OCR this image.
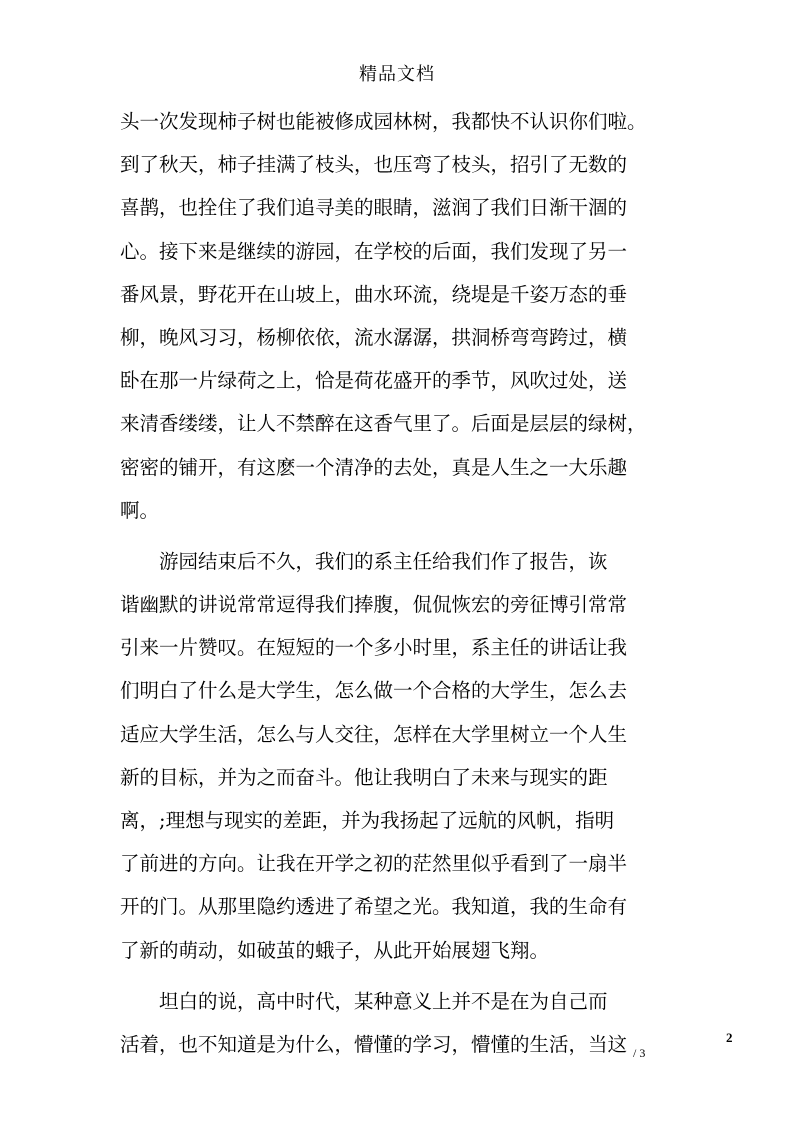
精品文档
头一次发现柿子树也能被修成园林树，我都快不认识你们啦。
到了秋天，柿子挂满了枝头，也压弯了枝头，招引了无数的
喜鹊，也拴住了我们追寻美的眼睛，滋润了我们日渐干涸的
心。接下来是继续的游园，在学校的后面，我们发现了另一
番风景，野花开在山坡上，曲水环流，绕堤是千姿万态的垂
柳，晚风习习，杨柳依依，流水潺潺，拱洞桥弯弯跨过，横
卧在那一片绿荷之上，恰是荷花盛开的季节，风吹过处，送
来清香缕缕，让人不禁醉在这香气里了。后面是层层的绿树，
密密的铺开，有这麽一个清净的去处，真是人生之一大乐趣
啊。
　　游园结束后不久，我们的系主任给我们作了报告，诙
谐幽默的讲说常常逗得我们捧腹，侃侃恢宏的旁征博引常常
引来一片赞叹。在短短的一个多小时里，系主任的讲话让我
们明白了什么是大学生，怎么做一个合格的大学生，怎么去
适应大学生活，怎么与人交往，怎样在大学里树立一个人生
新的目标，并为之而奋斗。他让我明白了未来与现实的距
离，;理想与现实的差距，并为我扬起了远航的风帆，指明
了前进的方向。让我在开学之初的茫然里似乎看到了一扇半
开的门。从那里隐约透进了希望之光。我知道，我的生命有
了新的萌动，如破茧的蛾子，从此开始展翅飞翔。
　　坦白的说，高中时代，某种意义上并不是在为自己而
活着，也不知道是为什么，懵懂的学习，懵懂的生活，当这	2
/ 3
